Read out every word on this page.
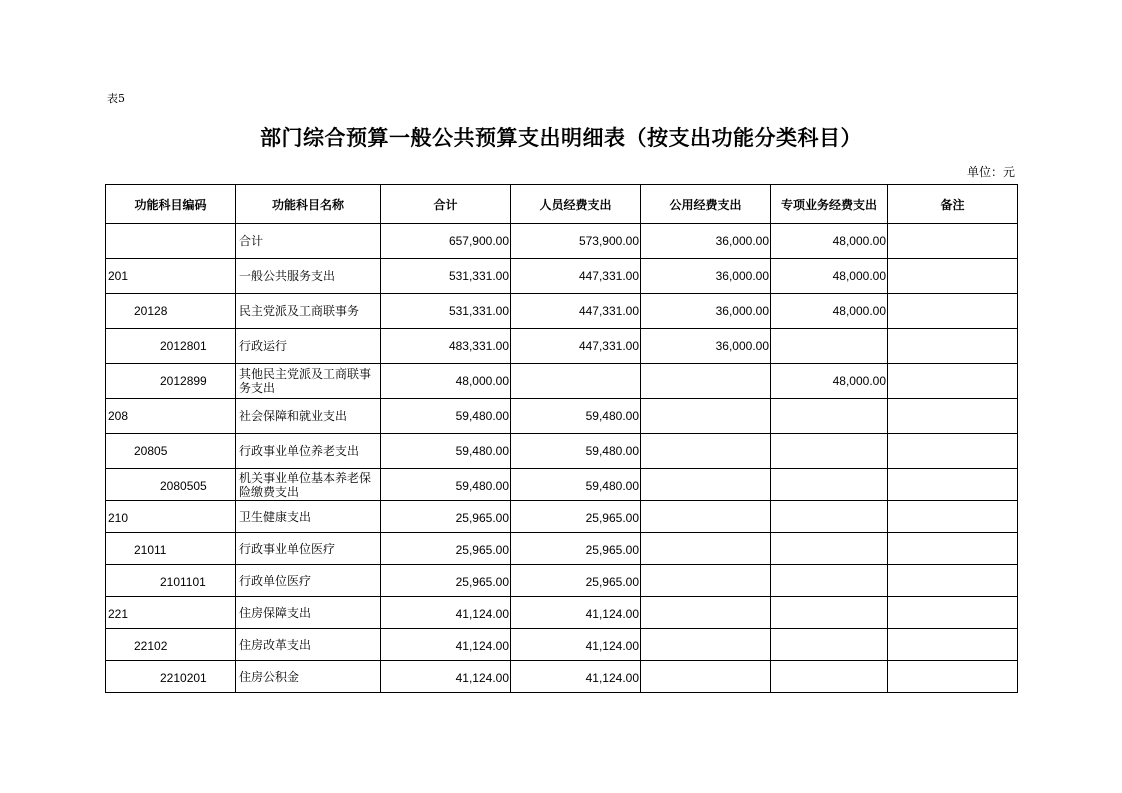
表5
部门综合预算一般公共预算支出明细表（按支出功能分类科目）
单位：元
功能科目编码	功能科目名称	合计	人员经费支出	公用经费支出	专项业务经费支出	备注
	合计	657,900.00	573,900.00	36,000.00	48,000.00	
201	一般公共服务支出	531,331.00	447,331.00	36,000.00	48,000.00	
20128	民主党派及工商联事务	531,331.00	447,331.00	36,000.00	48,000.00	
2012801	行政运行	483,331.00	447,331.00	36,000.00		
2012899	其他民主党派及工商联事务支出	48,000.00			48,000.00	
208	社会保障和就业支出	59,480.00	59,480.00			
20805	行政事业单位养老支出	59,480.00	59,480.00			
2080505	机关事业单位基本养老保险缴费支出	59,480.00	59,480.00			
210	卫生健康支出	25,965.00	25,965.00			
21011	行政事业单位医疗	25,965.00	25,965.00			
2101101	行政单位医疗	25,965.00	25,965.00			
221	住房保障支出	41,124.00	41,124.00			
22102	住房改革支出	41,124.00	41,124.00			
2210201	住房公积金	41,124.00	41,124.00			
